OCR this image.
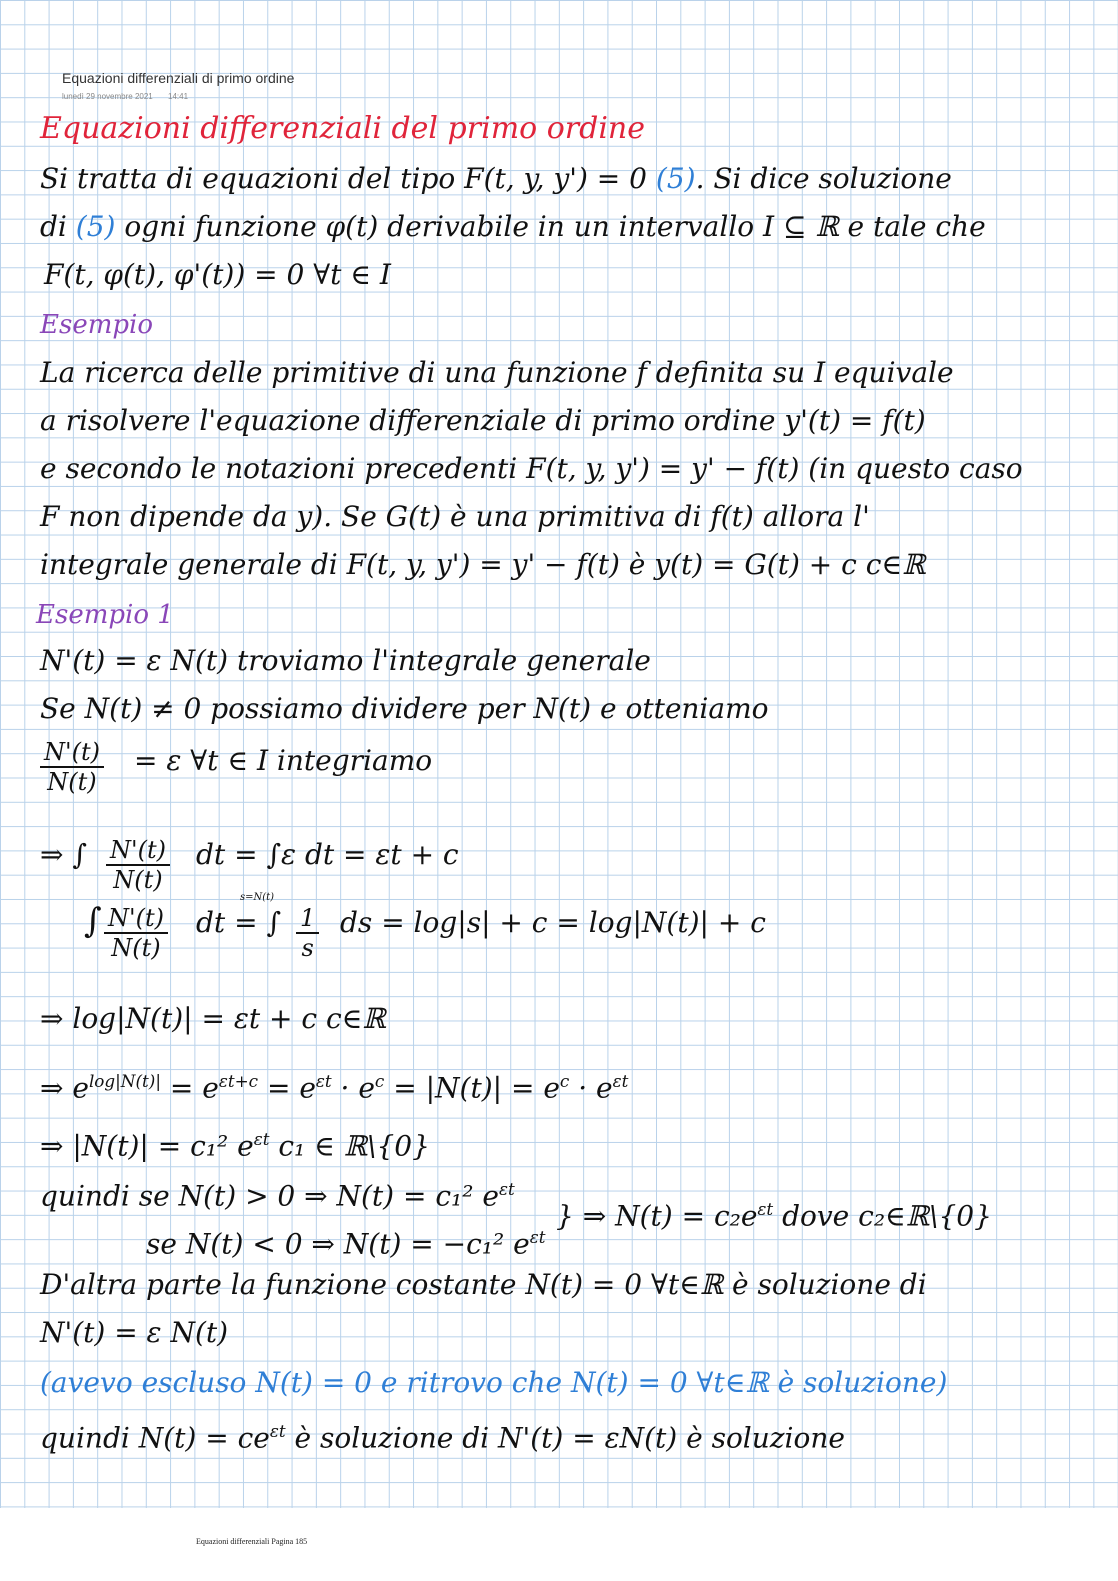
Equazioni differenziali di primo ordine
lunedì 29 novembre 2021 14:41
Equazioni differenziali del primo ordine
Si tratta di equazioni del tipo F(t, y, y') = 0 (5). Si dice soluzione
di (5) ogni funzione φ(t) derivabile in un intervallo I ⊆ ℝ e tale che
F(t, φ(t), φ'(t)) = 0 ∀t ∈ I
Esempio
La ricerca delle primitive di una funzione f definita su I equivale
a risolvere l'equazione differenziale di primo ordine y'(t) = f(t)
e secondo le notazioni precedenti F(t, y, y') = y' − f(t) (in questo caso
F non dipende da y). Se G(t) è una primitiva di f(t) allora l'
integrale generale di F(t, y, y') = y' − f(t) è y(t) = G(t) + c c∈ℝ
Esempio 1
N'(t) = ε N(t) troviamo l'integrale generale
Se N(t) ≠ 0 possiamo dividere per N(t) e otteniamo
$\frac{N'(t)}{N(t)} = \varepsilon$ ∀t ∈ I integriamo
⇒ ∫ $\frac{N'(t)}{N(t)}$ dt = ∫ε dt = εt + c
∫ $\frac{N'(t)}{N(t)}$
s=N(t)
dt = ∫ $\frac{1}{s}$ ds = log|s| + c = log|N(t)| + c
⇒ log|N(t)| = εt + c c∈ℝ
⇒ $e^{log|N(t)|} = e^{\varepsilon t+c} = e^{\varepsilon t} \cdot e^c = |N(t)| = e^c \cdot e^{\varepsilon t}$
⇒ |N(t)| = c₁² $e^{\varepsilon t}$ c₁ ∈ ℝ\{0}
quindi se N(t) > 0 ⇒ N(t) = c₁² $e^{\varepsilon t}$
se N(t) < 0 ⇒ N(t) = −c₁² $e^{\varepsilon t}$
} ⇒ $N(t) = c_2e^{\varepsilon t}$ dove c₂∈ℝ\{0}
D'altra parte la funzione costante N(t) = 0 ∀t∈ℝ è soluzione di
N'(t) = ε N(t)
(avevo escluso N(t) = 0 e ritrovo che N(t) = 0 ∀t∈ℝ è soluzione)
quindi $N(t) = ce^{\varepsilon t}$ è soluzione di N'(t) = εN(t) è soluzione
Equazioni differenziali Pagina 185
